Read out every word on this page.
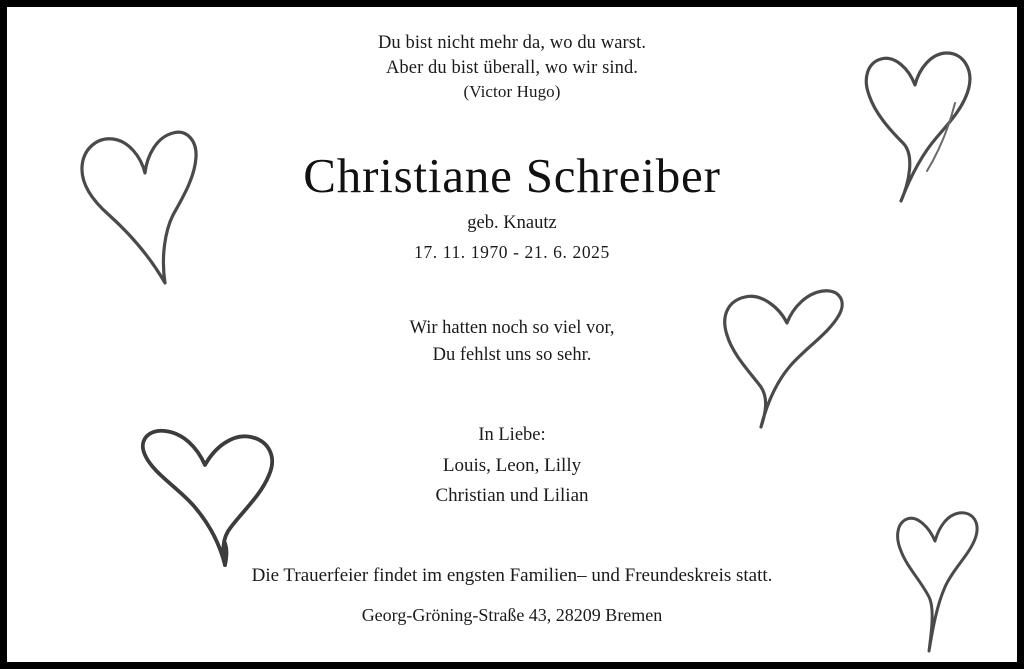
Du bist nicht mehr da, wo du warst.
Aber du bist überall, wo wir sind.
(Victor Hugo)
Christiane Schreiber
geb. Knautz
17. 11. 1970 - 21. 6. 2025
Wir hatten noch so viel vor,
Du fehlst uns so sehr.
In Liebe:
Louis, Leon, Lilly
Christian und Lilian
Die Trauerfeier findet im engsten Familien– und Freundeskreis statt.
Georg-Gröning-Straße 43, 28209 Bremen
